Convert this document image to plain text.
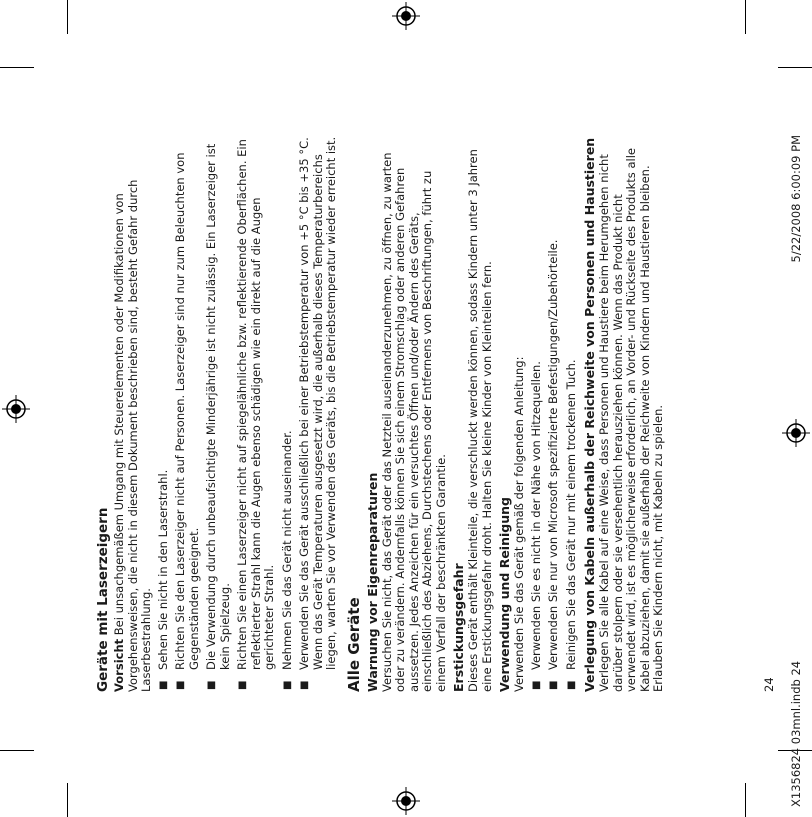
Geräte mit Laserzeigern Vorsicht Bei unsachgemäßem Umgang mit Steuerelementen oder Modifikationen von Vorgehensweisen, die nicht in diesem Dokument beschrieben sind, besteht Gefahr durch Laserbestrahlung. ■
Sehen Sie nicht in den Laserstrahl.
■
Richten Sie den Laserzeiger nicht auf Personen. Laserzeiger sind nur zum Beleuchten von Gegenständen geeignet.
■
Die Verwendung durch unbeaufsichtigte Minderjährige ist nicht zulässig. Ein Laserzeiger ist kein Spielzeug.
■
Richten Sie einen Laserzeiger nicht auf spiegelähnliche bzw. reflektierende Oberflächen. Ein reflektierter Strahl kann die Augen ebenso schädigen wie ein direkt auf die Augen gerichteter Strahl.
■
Nehmen Sie das Gerät nicht auseinander.
■
Verwenden Sie das Gerät ausschließlich bei einer Betriebstemperatur von +5 °C bis +35 °C. Wenn das Gerät Temperaturen ausgesetzt wird, die außerhalb dieses Temperaturbereichs liegen, warten Sie vor Verwenden des Geräts, bis die Betriebstemperatur wieder erreicht ist. Alle Geräte Warnung vor Eigenreparaturen Versuchen Sie nicht, das Gerät oder das Netzteil auseinanderzunehmen, zu öffnen, zu warten oder zu verändern. Andernfalls können Sie sich einem Stromschlag oder anderen Gefahren aussetzen. Jedes Anzeichen für ein versuchtes Öffnen und/oder Ändern des Geräts, einschließlich des Abziehens, Durchstechens oder Entfernens von Beschriftungen, führt zu einem Verfall der beschränkten Garantie. Erstickungsgefahr Dieses Gerät enthält Kleinteile, die verschluckt werden können, sodass Kindern unter 3 Jahren eine Erstickungsgefahr droht. Halten Sie kleine Kinder von Kleinteilen fern. Verwendung und Reinigung Verwenden Sie das Gerät gemäß der folgenden Anleitung: ■
Verwenden Sie es nicht in der Nähe von Hitzequellen.
■
Verwenden Sie nur von Microsoft spezifizierte Befestigungen/Zubehörteile.
■
Reinigen Sie das Gerät nur mit einem trockenen Tuch. Verlegung von Kabeln außerhalb der Reichweite von Personen und Haustieren Verlegen Sie alle Kabel auf eine Weise, dass Personen und Haustiere beim Herumgehen nicht darüber stolpern oder sie versehentlich herausziehen können. Wenn das Produkt nicht verwendet wird, ist es möglicherweise erforderlich, an Vorder- und Rückseite des Produkts alle Kabel abzuziehen, damit sie außerhalb der Reichweite von Kindern und Haustieren bleiben. Erlauben Sie Kindern nicht, mit Kabeln zu spielen.	24 X1356824 03mnl.indb 24
5/22/2008 6:00:09 PM
